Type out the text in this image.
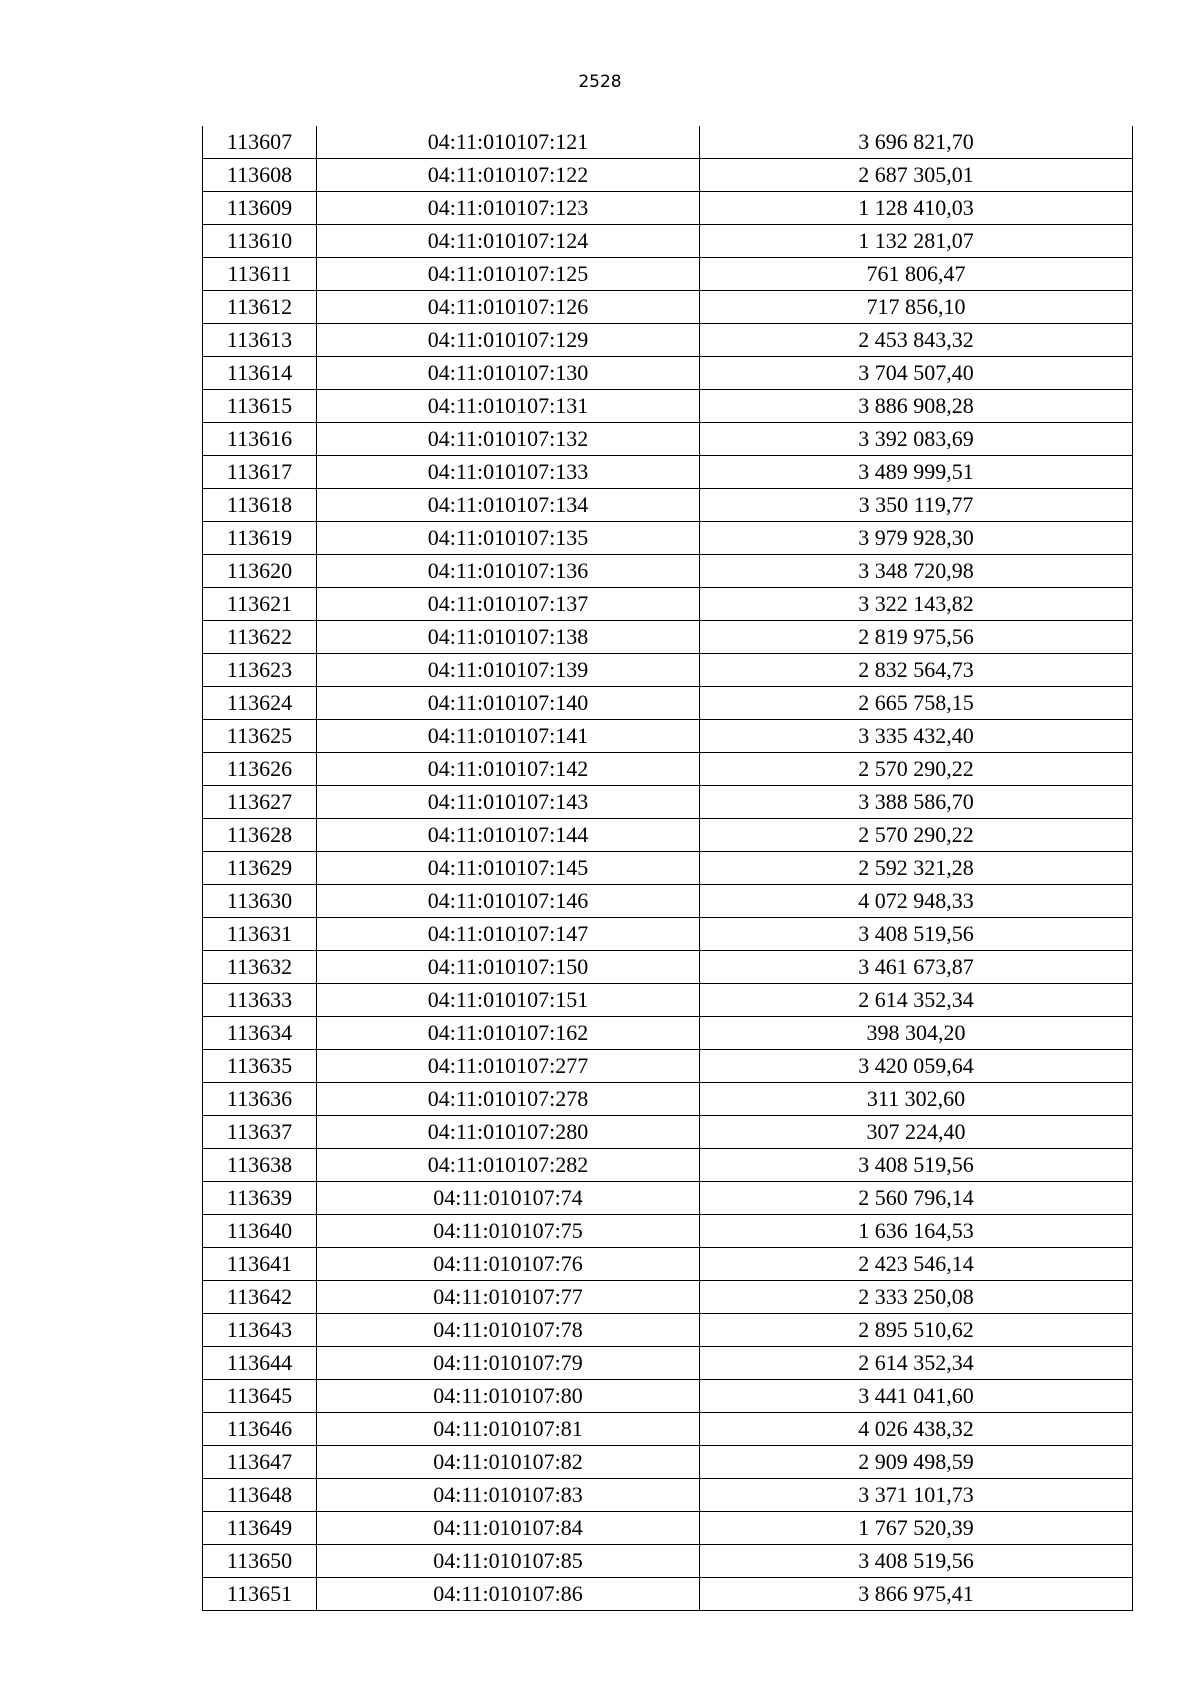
2528
113607	04:11:010107:121	3 696 821,70
113608	04:11:010107:122	2 687 305,01
113609	04:11:010107:123	1 128 410,03
113610	04:11:010107:124	1 132 281,07
113611	04:11:010107:125	761 806,47
113612	04:11:010107:126	717 856,10
113613	04:11:010107:129	2 453 843,32
113614	04:11:010107:130	3 704 507,40
113615	04:11:010107:131	3 886 908,28
113616	04:11:010107:132	3 392 083,69
113617	04:11:010107:133	3 489 999,51
113618	04:11:010107:134	3 350 119,77
113619	04:11:010107:135	3 979 928,30
113620	04:11:010107:136	3 348 720,98
113621	04:11:010107:137	3 322 143,82
113622	04:11:010107:138	2 819 975,56
113623	04:11:010107:139	2 832 564,73
113624	04:11:010107:140	2 665 758,15
113625	04:11:010107:141	3 335 432,40
113626	04:11:010107:142	2 570 290,22
113627	04:11:010107:143	3 388 586,70
113628	04:11:010107:144	2 570 290,22
113629	04:11:010107:145	2 592 321,28
113630	04:11:010107:146	4 072 948,33
113631	04:11:010107:147	3 408 519,56
113632	04:11:010107:150	3 461 673,87
113633	04:11:010107:151	2 614 352,34
113634	04:11:010107:162	398 304,20
113635	04:11:010107:277	3 420 059,64
113636	04:11:010107:278	311 302,60
113637	04:11:010107:280	307 224,40
113638	04:11:010107:282	3 408 519,56
113639	04:11:010107:74	2 560 796,14
113640	04:11:010107:75	1 636 164,53
113641	04:11:010107:76	2 423 546,14
113642	04:11:010107:77	2 333 250,08
113643	04:11:010107:78	2 895 510,62
113644	04:11:010107:79	2 614 352,34
113645	04:11:010107:80	3 441 041,60
113646	04:11:010107:81	4 026 438,32
113647	04:11:010107:82	2 909 498,59
113648	04:11:010107:83	3 371 101,73
113649	04:11:010107:84	1 767 520,39
113650	04:11:010107:85	3 408 519,56
113651	04:11:010107:86	3 866 975,41
